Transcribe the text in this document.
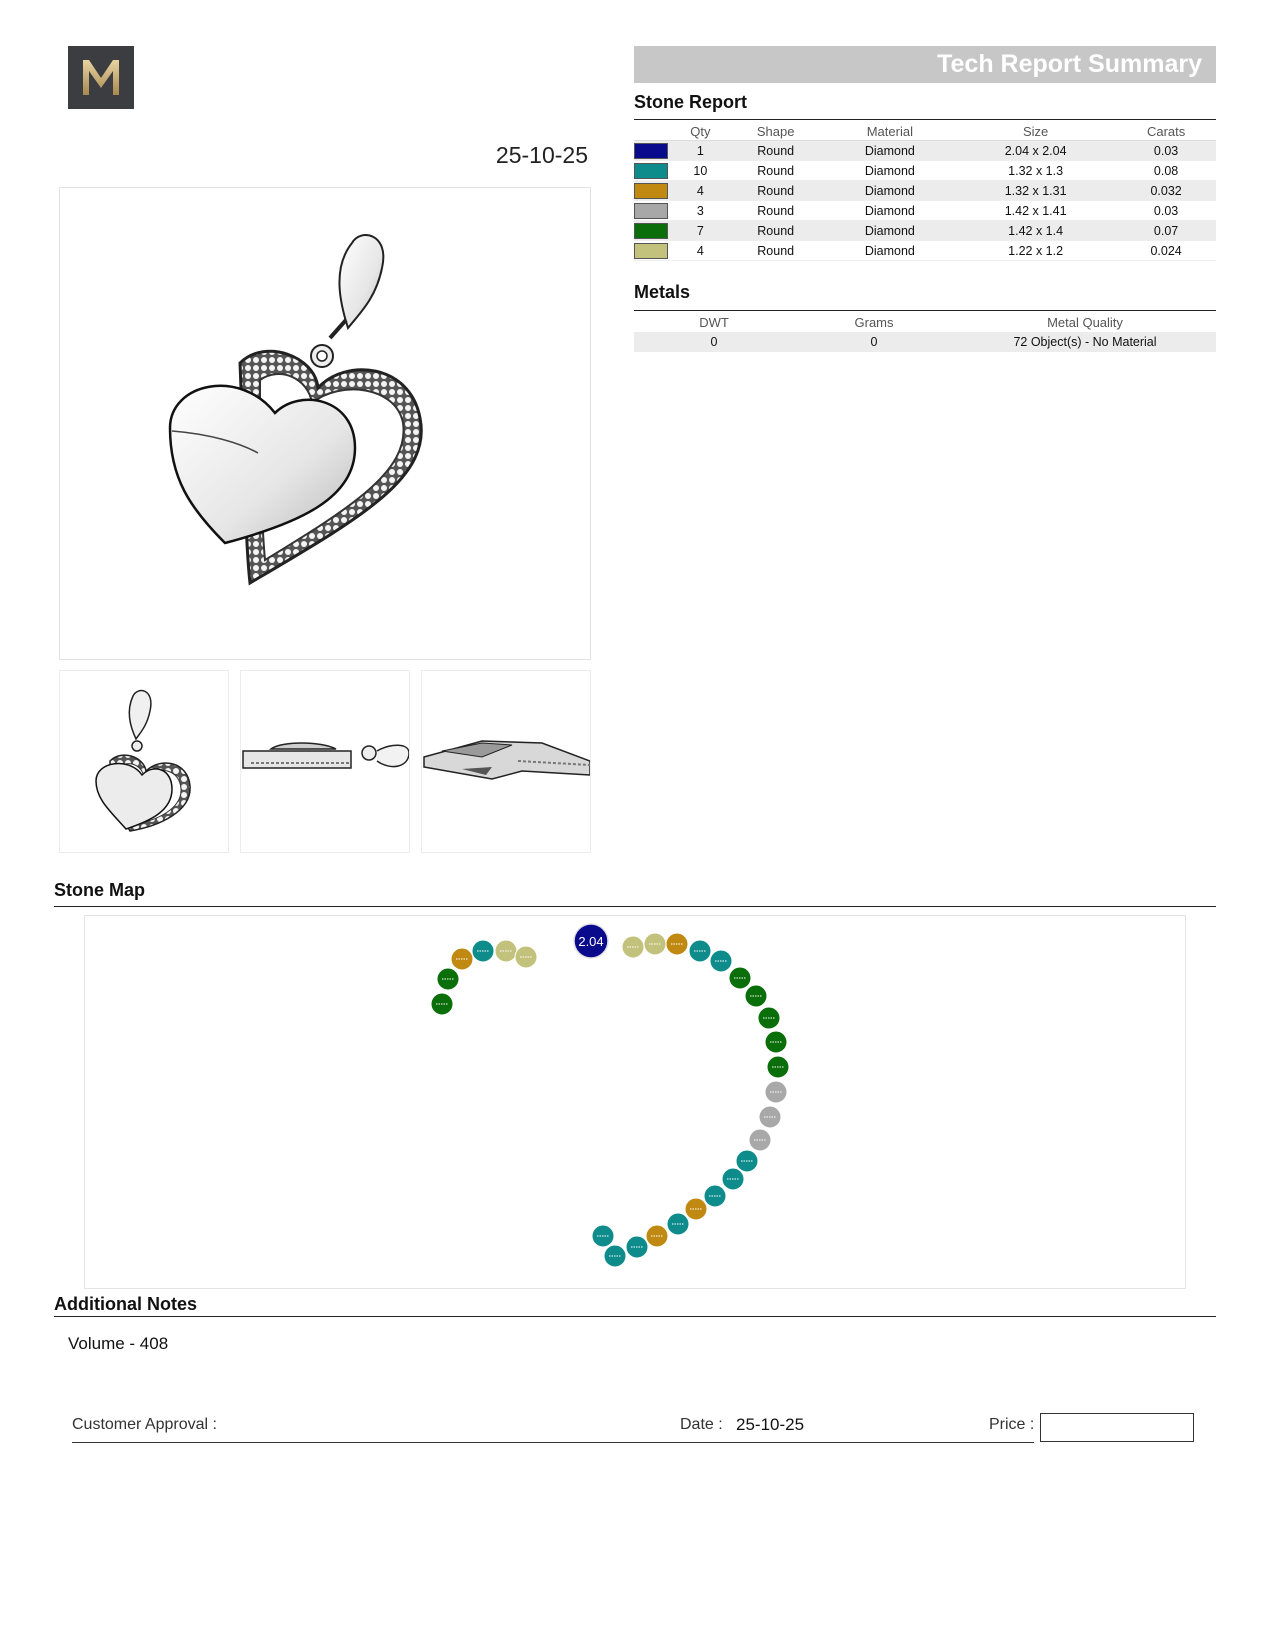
Tech Report Summary
25-10-25
Stone Report
	Qty	Shape	Material	Size	Carats

	1	Round	Diamond	2.04 x 2.04	0.03

	10	Round	Diamond	1.32 x 1.3	0.08

	4	Round	Diamond	1.32 x 1.31	0.032

	3	Round	Diamond	1.42 x 1.41	0.03

	7	Round	Diamond	1.42 x 1.4	0.07

	4	Round	Diamond	1.22 x 1.2	0.024
Metals
DWT	Grams	Metal Quality
0	0	72 Object(s) - No Material
Stone Map
2.04
Additional Notes
Volume - 408
Customer Approval :	Date : 25-10-25	Price :
